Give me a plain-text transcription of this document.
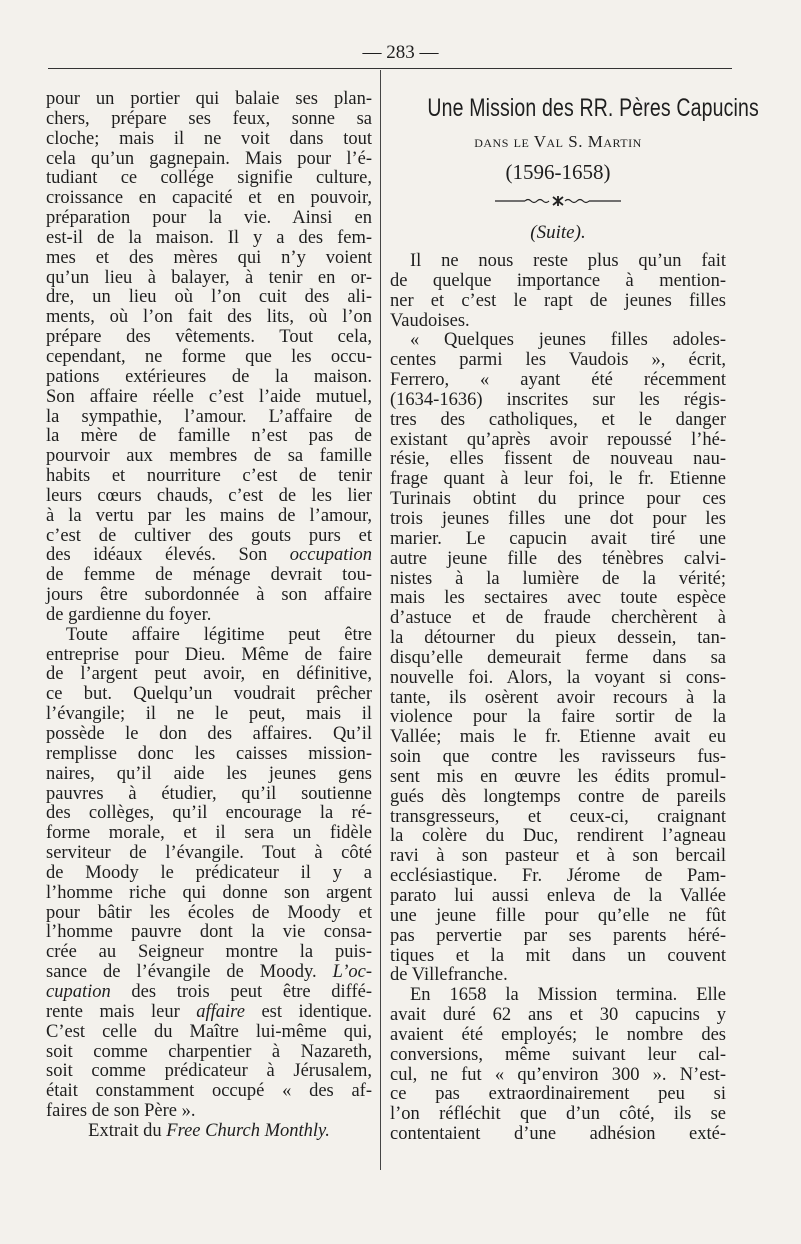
— 283 —
pour un portier qui balaie ses plan-
chers, prépare ses feux, sonne sa
cloche; mais il ne voit dans tout
cela qu’un gagnepain. Mais pour l’é-
tudiant ce collége signifie culture,
croissance en capacité et en pouvoir,
préparation pour la vie. Ainsi en
est-il de la maison. Il y a des fem-
mes et des mères qui n’y voient
qu’un lieu à balayer, à tenir en or-
dre, un lieu où l’on cuit des ali-
ments, où l’on fait des lits, où l’on
prépare des vêtements. Tout cela,
cependant, ne forme que les occu-
pations extérieures de la maison.
Son affaire réelle c’est l’aide mutuel,
la sympathie, l’amour. L’affaire de
la mère de famille n’est pas de
pourvoir aux membres de sa famille
habits et nourriture c’est de tenir
leurs cœurs chauds, c’est de les lier
à la vertu par les mains de l’amour,
c’est de cultiver des gouts purs et
des idéaux élevés. Son occupation
de femme de ménage devrait tou-
jours être subordonnée à son affaire
de gardienne du foyer.
Toute affaire légitime peut être
entreprise pour Dieu. Même de faire
de l’argent peut avoir, en définitive,
ce but. Quelqu’un voudrait prêcher
l’évangile; il ne le peut, mais il
possède le don des affaires. Qu’il
remplisse donc les caisses mission-
naires, qu’il aide les jeunes gens
pauvres à étudier, qu’il soutienne
des collèges, qu’il encourage la ré-
forme morale, et il sera un fidèle
serviteur de l’évangile. Tout à côté
de Moody le prédicateur il y a
l’homme riche qui donne son argent
pour bâtir les écoles de Moody et
l’homme pauvre dont la vie consa-
crée au Seigneur montre la puis-
sance de l’évangile de Moody. L’oc-
cupation des trois peut être diffé-
rente mais leur affaire est identique.
C’est celle du Maître lui-même qui,
soit comme charpentier à Nazareth,
soit comme prédicateur à Jérusalem,
était constamment occupé « des af-
faires de son Père ».
Extrait du Free Church Monthly.
Une Mission des RR. Pères Capucins
dans le Val S. Martin
(1596-1658)
(Suite).
Il ne nous reste plus qu’un fait
de quelque importance à mention-
ner et c’est le rapt de jeunes filles
Vaudoises.
« Quelques jeunes filles adoles-
centes parmi les Vaudois », écrit,
Ferrero, « ayant été récemment
(1634-1636) inscrites sur les régis-
tres des catholiques, et le danger
existant qu’après avoir repoussé l’hé-
résie, elles fissent de nouveau nau-
frage quant à leur foi, le fr. Etienne
Turinais obtint du prince pour ces
trois jeunes filles une dot pour les
marier. Le capucin avait tiré une
autre jeune fille des ténèbres calvi-
nistes à la lumière de la vérité;
mais les sectaires avec toute espèce
d’astuce et de fraude cherchèrent à
la détourner du pieux dessein, tan-
disqu’elle demeurait ferme dans sa
nouvelle foi. Alors, la voyant si cons-
tante, ils osèrent avoir recours à la
violence pour la faire sortir de la
Vallée; mais le fr. Etienne avait eu
soin que contre les ravisseurs fus-
sent mis en œuvre les édits promul-
gués dès longtemps contre de pareils
transgresseurs, et ceux-ci, craignant
la colère du Duc, rendirent l’agneau
ravi à son pasteur et à son bercail
ecclésiastique. Fr. Jérome de Pam-
parato lui aussi enleva de la Vallée
une jeune fille pour qu’elle ne fût
pas pervertie par ses parents héré-
tiques et la mit dans un couvent
de Villefranche.
En 1658 la Mission termina. Elle
avait duré 62 ans et 30 capucins y
avaient été employés; le nombre des
conversions, même suivant leur cal-
cul, ne fut « qu’environ 300 ». N’est-
ce pas extraordinairement peu si
l’on réfléchit que d’un côté, ils se
contentaient d’une adhésion exté-
